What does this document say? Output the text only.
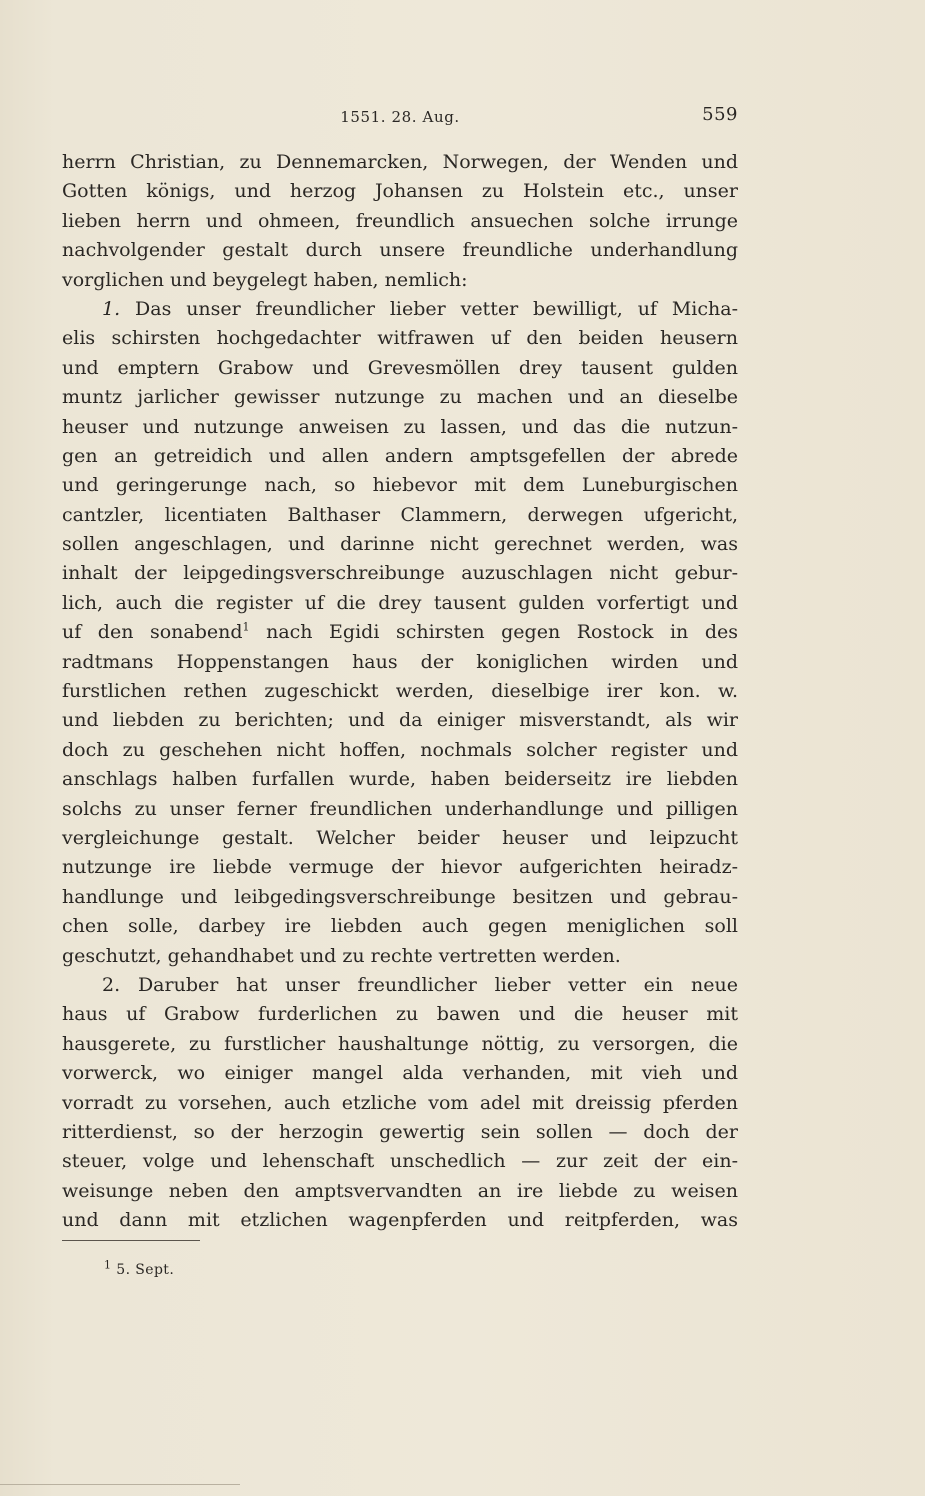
1551. 28. Aug.	559
herrn Christian, zu Dennemarcken, Norwegen, der Wenden und
Gotten königs, und herzog Johansen zu Holstein etc., unser
lieben herrn und ohmeen, freundlich ansuechen solche irrunge
nachvolgender gestalt durch unsere freundliche underhandlung
vorglichen und beygelegt haben, nemlich:
1. Das unser freundlicher lieber vetter bewilligt, uf Micha-
elis schirsten hochgedachter witfrawen uf den beiden heusern
und emptern Grabow und Grevesmöllen drey tausent gulden
muntz jarlicher gewisser nutzunge zu machen und an dieselbe
heuser und nutzunge anweisen zu lassen, und das die nutzun-
gen an getreidich und allen andern amptsgefellen der abrede
und geringerunge nach, so hiebevor mit dem Luneburgischen
cantzler, licentiaten Balthaser Clammern, derwegen ufgericht,
sollen angeschlagen, und darinne nicht gerechnet werden, was
inhalt der leipgedingsverschreibunge auzuschlagen nicht gebur-
lich, auch die register uf die drey tausent gulden vorfertigt und
uf den sonabend$^1$ nach Egidi schirsten gegen Rostock in des
radtmans Hoppenstangen haus der koniglichen wirden und
furstlichen rethen zugeschickt werden, dieselbige irer kon. w.
und liebden zu berichten; und da einiger misverstandt, als wir
doch zu geschehen nicht hoffen, nochmals solcher register und
anschlags halben furfallen wurde, haben beiderseitz ire liebden
solchs zu unser ferner freundlichen underhandlunge und pilligen
vergleichunge gestalt. Welcher beider heuser und leipzucht
nutzunge ire liebde vermuge der hievor aufgerichten heiradz-
handlunge und leibgedingsverschreibunge besitzen und gebrau-
chen solle, darbey ire liebden auch gegen meniglichen soll
geschutzt, gehandhabet und zu rechte vertretten werden.
2. Daruber hat unser freundlicher lieber vetter ein neue
haus uf Grabow furderlichen zu bawen und die heuser mit
hausgerete, zu furstlicher haushaltunge nöttig, zu versorgen, die
vorwerck, wo einiger mangel alda verhanden, mit vieh und
vorradt zu vorsehen, auch etzliche vom adel mit dreissig pferden
ritterdienst, so der herzogin gewertig sein sollen — doch der
steuer, volge und lehenschaft unschedlich — zur zeit der ein-
weisunge neben den amptsvervandten an ire liebde zu weisen
und dann mit etzlichen wagenpferden und reitpferden, was
$^1$ 5. Sept.
